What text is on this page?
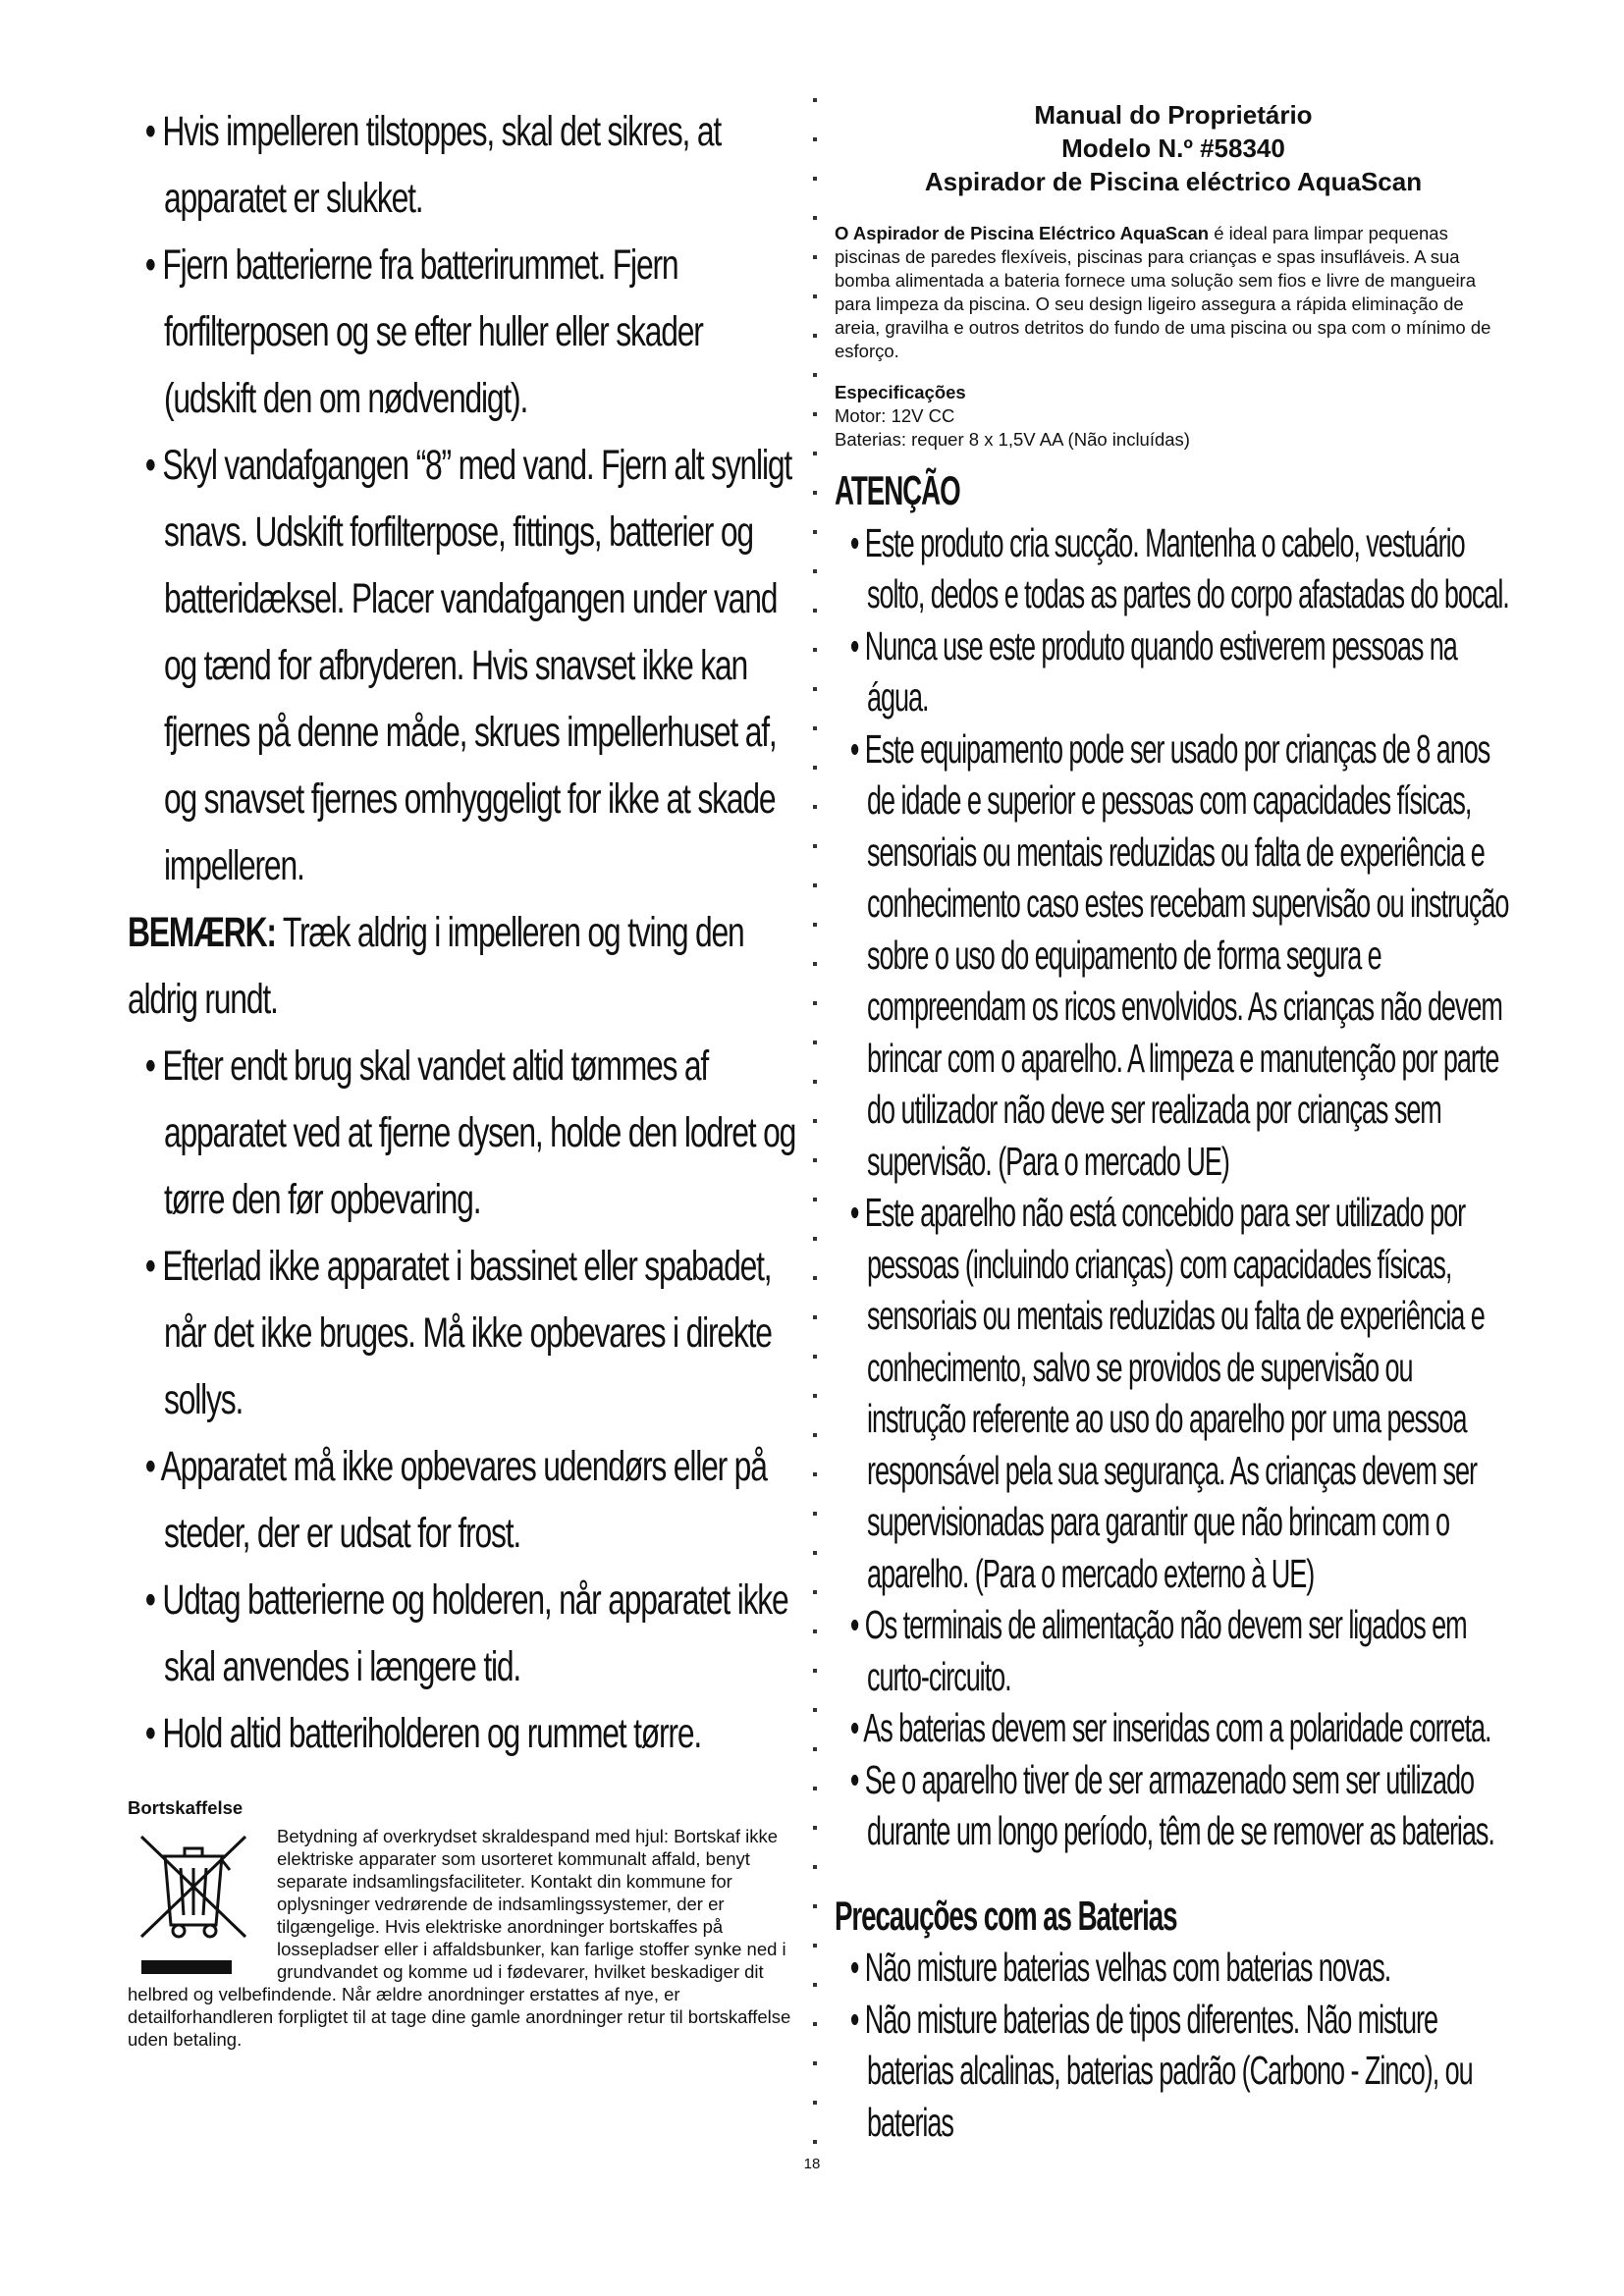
• Hvis impelleren tilstoppes, skal det sikres, at apparatet er slukket.
• Fjern batterierne fra batterirummet. Fjern forfilterposen og se efter huller eller skader (udskift den om nødvendigt).
• Skyl vandafgangen “8” med vand. Fjern alt synligt snavs. Udskift forfilterpose, fittings, batterier og batteridæksel. Placer vandafgangen under vand og tænd for afbryderen. Hvis snavset ikke kan fjernes på denne måde, skrues impellerhuset af, og snavset fjernes omhyggeligt for ikke at skade impelleren.
BEMÆRK: Træk aldrig i impelleren og tving den aldrig rundt.
• Efter endt brug skal vandet altid tømmes af apparatet ved at fjerne dysen, holde den lodret og tørre den før opbevaring.
• Efterlad ikke apparatet i bassinet eller spabadet, når det ikke bruges. Må ikke opbevares i direkte sollys.
• Apparatet må ikke opbevares udendørs eller på steder, der er udsat for frost.
• Udtag batterierne og holderen, når apparatet ikke skal anvendes i længere tid.
• Hold altid batteriholderen og rummet tørre.
Bortskaffelse

Betydning af overkrydset skraldespand med hjul: Bortskaf ikke elektriske apparater som usorteret kommunalt affald, benyt separate indsamlingsfaciliteter. Kontakt din kommune for oplysninger vedrørende de indsamlingssystemer, der er tilgængelige. Hvis elektriske anordninger bortskaffes på lossepladser eller i affaldsbunker, kan farlige stoffer synke ned i grundvandet og komme ud i fødevarer, hvilket beskadiger dit helbred og velbefindende. Når ældre anordninger erstattes af nye, er detailforhandleren forpligtet til at tage dine gamle anordninger retur til bortskaffelse uden betaling.

Manual do Proprietário
Modelo N.º #58340
Aspirador de Piscina eléctrico AquaScan
O Aspirador de Piscina Eléctrico AquaScan é ideal para limpar pequenas piscinas de paredes flexíveis, piscinas para crianças e spas insufláveis. A sua bomba alimentada a bateria fornece uma solução sem fios e livre de mangueira para limpeza da piscina. O seu design ligeiro assegura a rápida eliminação de areia, gravilha e outros detritos do fundo de uma piscina ou spa com o mínimo de esforço.
Especificações
Motor: 12V CC
Baterias: requer 8 x 1,5V AA (Não incluídas)
ATENÇÃO
• Este produto cria sucção. Mantenha o cabelo, vestuário solto, dedos e todas as partes do corpo afastadas do bocal.
• Nunca use este produto quando estiverem pessoas na água.
• Este equipamento pode ser usado por crianças de 8 anos de idade e superior e pessoas com capacidades físicas, sensoriais ou mentais reduzidas ou falta de experiência e conhecimento caso estes recebam supervisão ou instrução sobre o uso do equipamento de forma segura e compreendam os ricos envolvidos. As crianças não devem brincar com o aparelho. A limpeza e manutenção por parte do utilizador não deve ser realizada por crianças sem supervisão. (Para o mercado UE)
• Este aparelho não está concebido para ser utilizado por pessoas (incluindo crianças) com capacidades físicas, sensoriais ou mentais reduzidas ou falta de experiência e conhecimento, salvo se providos de supervisão ou instrução referente ao uso do aparelho por uma pessoa responsável pela sua segurança. As crianças devem ser supervisionadas para garantir que não brincam com o aparelho. (Para o mercado externo à UE)
• Os terminais de alimentação não devem ser ligados em curto-circuito.
• As baterias devem ser inseridas com a polaridade correta.
• Se o aparelho tiver de ser armazenado sem ser utilizado durante um longo período, têm de se remover as baterias.
Precauções com as Baterias
• Não misture baterias velhas com baterias novas.
• Não misture baterias de tipos diferentes. Não misture baterias alcalinas, baterias padrão (Carbono - Zinco), ou baterias
18
